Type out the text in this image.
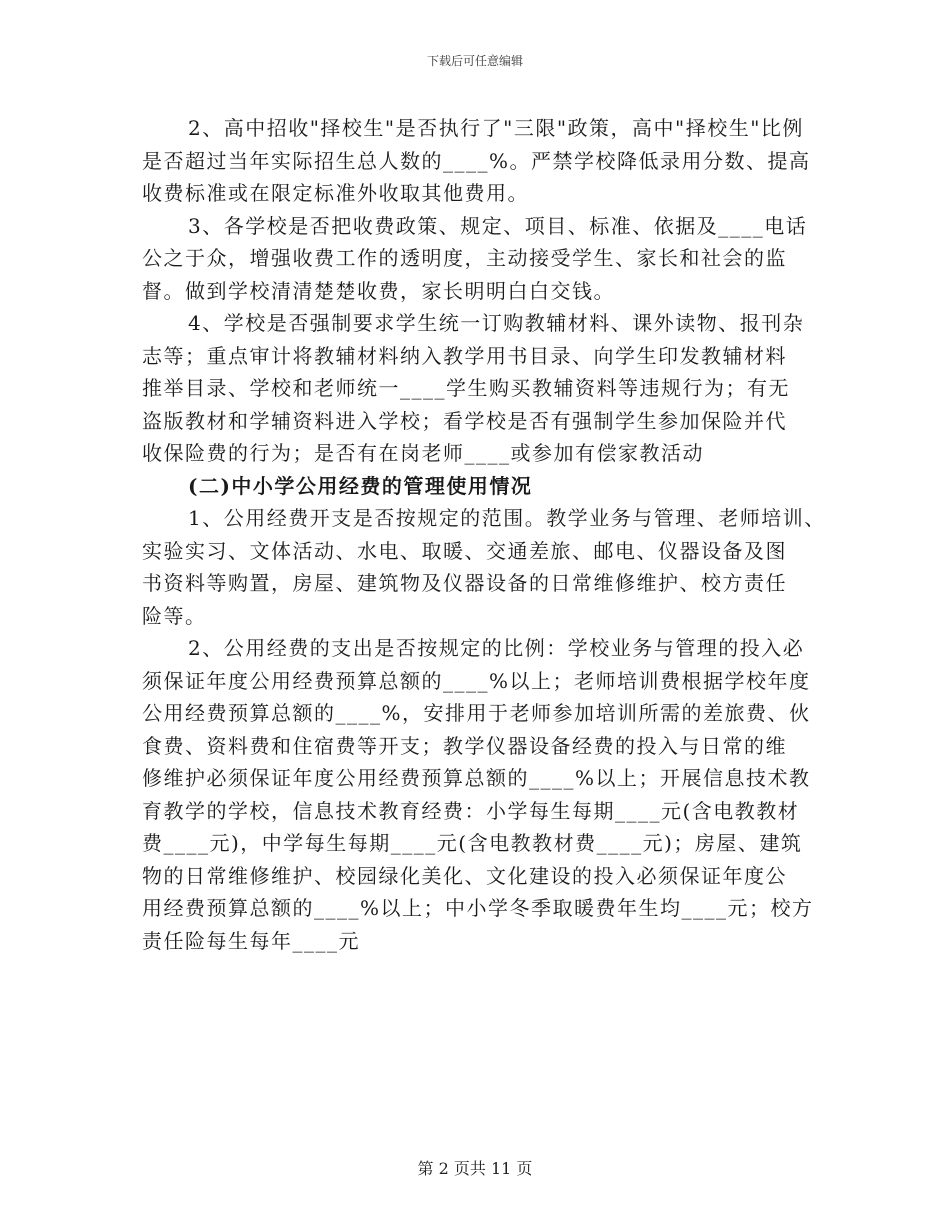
下载后可任意编辑
2、高中招收"择校生"是否执行了"三限"政策，高中"择校生"比例
是否超过当年实际招生总人数的____%。严禁学校降低录用分数、提高
收费标准或在限定标准外收取其他费用。
3、各学校是否把收费政策、规定、项目、标准、依据及____电话
公之于众，增强收费工作的透明度，主动接受学生、家长和社会的监
督。做到学校清清楚楚收费，家长明明白白交钱。
4、学校是否强制要求学生统一订购教辅材料、课外读物、报刊杂
志等；重点审计将教辅材料纳入教学用书目录、向学生印发教辅材料
推举目录、学校和老师统一____学生购买教辅资料等违规行为；有无
盗版教材和学辅资料进入学校；看学校是否有强制学生参加保险并代
收保险费的行为；是否有在岗老师____或参加有偿家教活动
(二)中小学公用经费的管理使用情况
1、公用经费开支是否按规定的范围。教学业务与管理、老师培训、
实验实习、文体活动、水电、取暖、交通差旅、邮电、仪器设备及图
书资料等购置，房屋、建筑物及仪器设备的日常维修维护、校方责任
险等。
2、公用经费的支出是否按规定的比例：学校业务与管理的投入必
须保证年度公用经费预算总额的____%以上；老师培训费根据学校年度
公用经费预算总额的____%，安排用于老师参加培训所需的差旅费、伙
食费、资料费和住宿费等开支；教学仪器设备经费的投入与日常的维
修维护必须保证年度公用经费预算总额的____%以上；开展信息技术教
育教学的学校，信息技术教育经费：小学每生每期____元(含电教教材
费____元)，中学每生每期____元(含电教教材费____元)；房屋、建筑
物的日常维修维护、校园绿化美化、文化建设的投入必须保证年度公
用经费预算总额的____%以上；中小学冬季取暖费年生均____元；校方
责任险每生每年____元
第 2 页共 11 页
